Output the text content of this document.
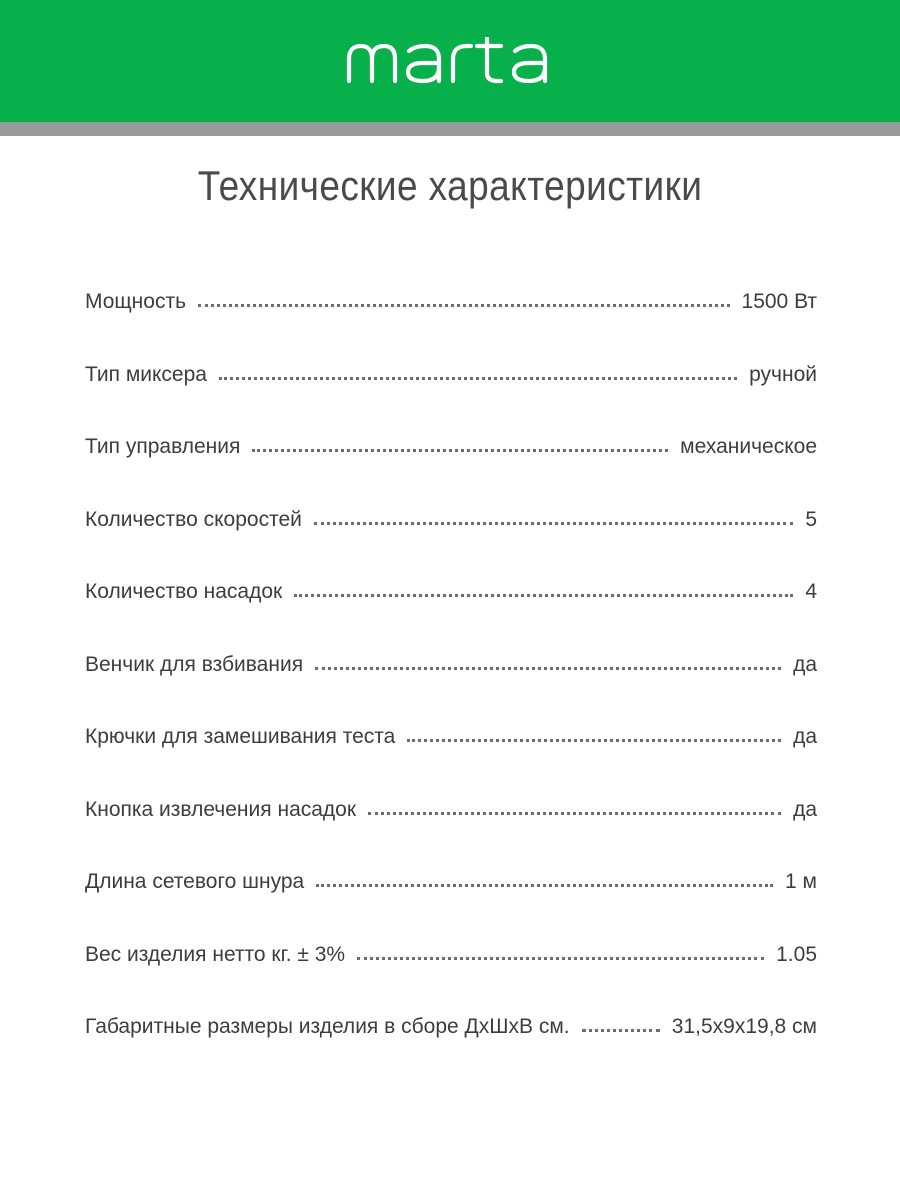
Технические характеристики
Мощность	1500 Вт
Тип миксера	ручной
Тип управления	механическое
Количество скоростей	5
Количество насадок	4
Венчик для взбивания	да
Крючки для замешивания теста	да
Кнопка извлечения насадок	да
Длина сетевого шнура	1 м
Вес изделия нетто кг. ± 3%	1.05
Габаритные размеры изделия в сборе ДхШхВ см.	31,5x9x19,8 см
